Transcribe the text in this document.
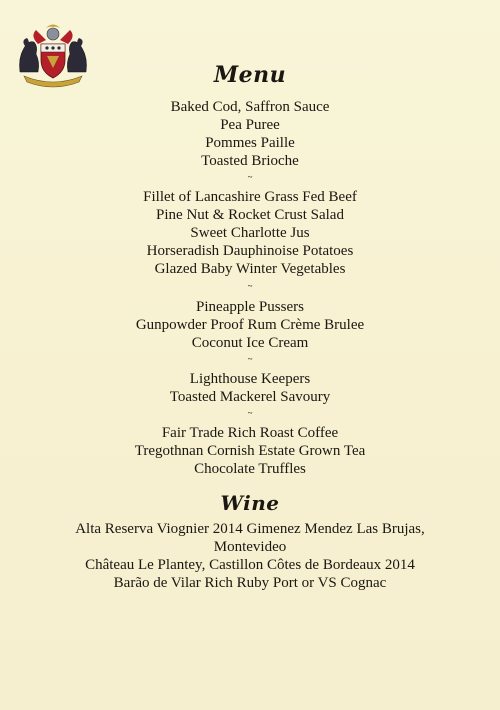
Menu
Baked Cod, Saffron Sauce
Pea Puree
Pommes Paille
Toasted Brioche
~
Fillet of Lancashire Grass Fed Beef
Pine Nut & Rocket Crust Salad
Sweet Charlotte Jus
Horseradish Dauphinoise Potatoes
Glazed Baby Winter Vegetables
~
Pineapple Pussers
Gunpowder Proof Rum Crème Brulee
Coconut Ice Cream
~
Lighthouse Keepers
Toasted Mackerel Savoury
~
Fair Trade Rich Roast Coffee
Tregothnan Cornish Estate Grown Tea
Chocolate Truffles
Wine
Alta Reserva Viognier 2014 Gimenez Mendez Las Brujas,
Montevideo
Château Le Plantey, Castillon Côtes de Bordeaux 2014
Barão de Vilar Rich Ruby Port or VS Cognac
